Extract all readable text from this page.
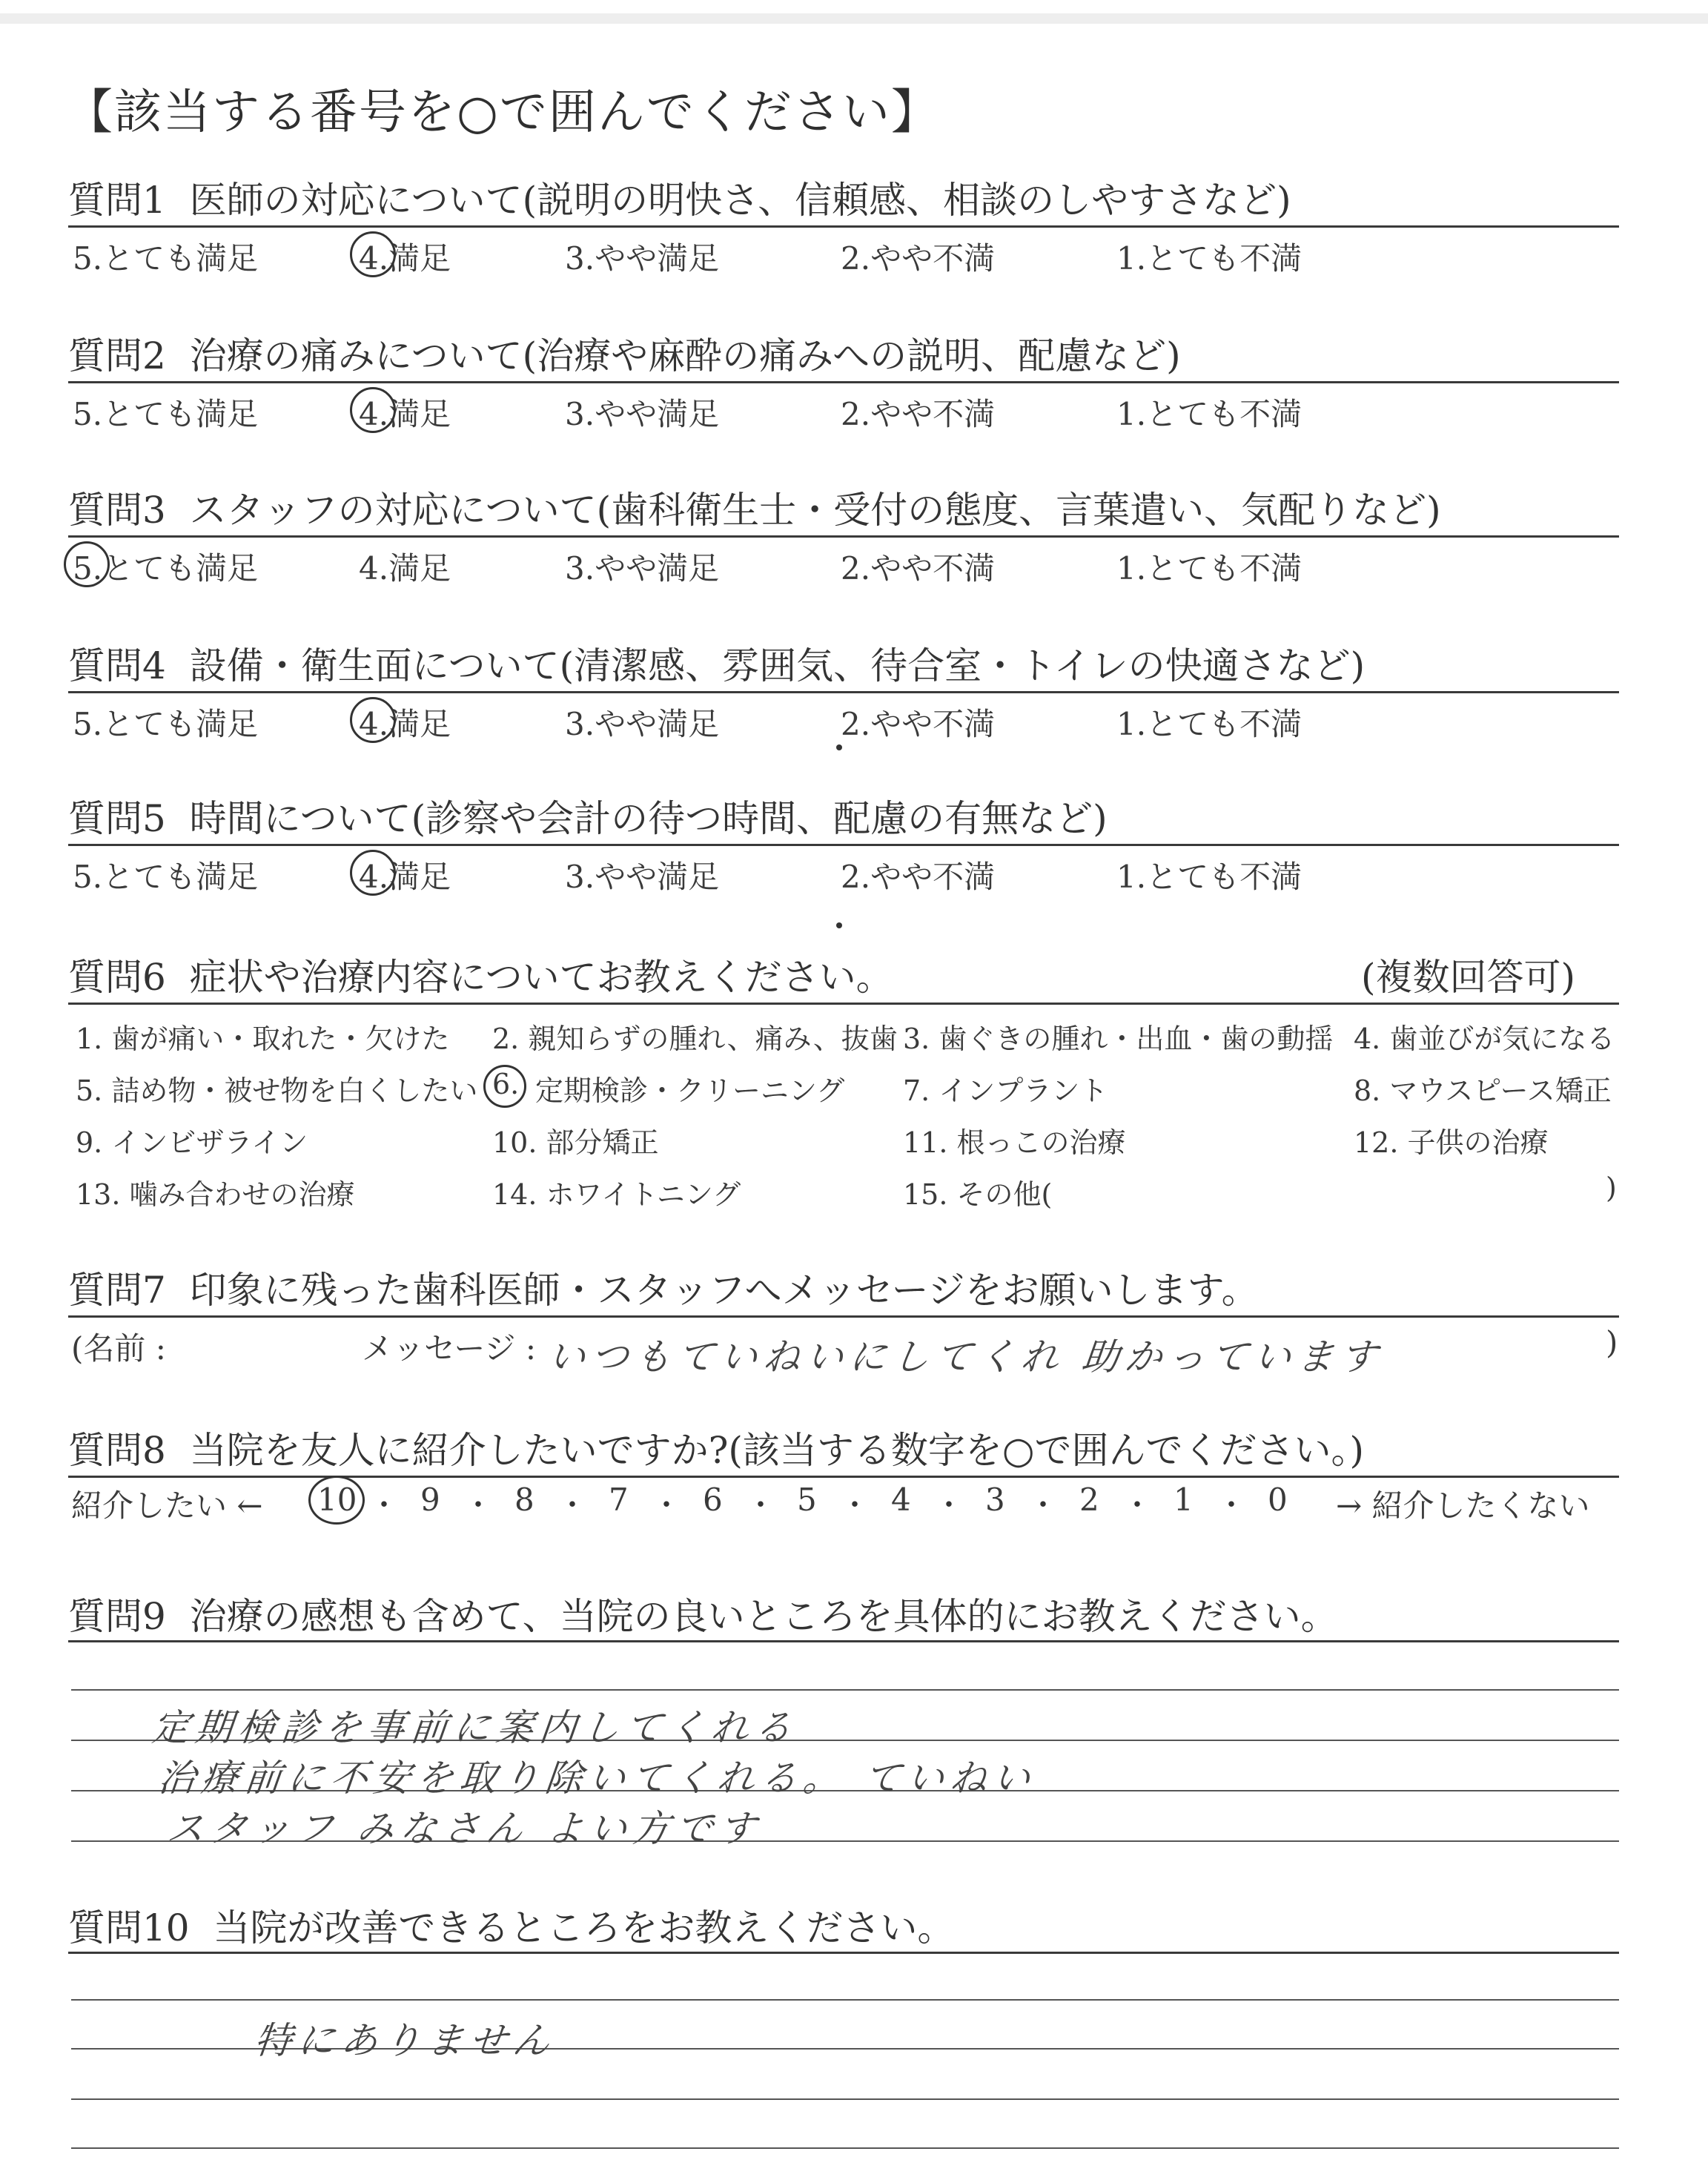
【該当する番号を○で囲んでください】
質問1 医師の対応について(説明の明快さ、信頼感、相談のしやすさなど)
5.とても満足	4.満足	3.やや満足	2.やや不満	1.とても不満
質問2 治療の痛みについて(治療や麻酔の痛みへの説明、配慮など)
5.とても満足	4.満足	3.やや満足	2.やや不満	1.とても不満
質問3 スタッフの対応について(歯科衛生士・受付の態度、言葉遣い、気配りなど)
5.とても満足	4.満足	3.やや満足	2.やや不満	1.とても不満
質問4 設備・衛生面について(清潔感、雰囲気、待合室・トイレの快適さなど)
5.とても満足	4.満足	3.やや満足	2.やや不満	1.とても不満
質問5 時間について(診察や会計の待つ時間、配慮の有無など)
5.とても満足	4.満足	3.やや満足	2.やや不満	1.とても不満
質問6 症状や治療内容についてお教えください。	(複数回答可)
1. 歯が痛い・取れた・欠けた 2. 親知らずの腫れ、痛み、抜歯 3. 歯ぐきの腫れ・出血・歯の動揺 4. 歯並びが気になる
5. 詰め物・被せ物を白くしたい 6. 定期検診・クリーニング 7. インプラント	8. マウスピース矯正
9. インビザライン	10. 部分矯正	11. 根っこの治療	12. 子供の治療
13. 噛み合わせの治療	14. ホワイトニング	15. その他(	)
質問7 印象に残った歯科医師・スタッフへメッセージをお願いします。
(名前 :	メッセージ : いつもていねいにしてくれ 助かっています	)
質問8 当院を友人に紹介したいですか?(該当する数字を○で囲んでください。)
紹介したい ← 10 ・ 9 ・ 8 ・ 7 ・ 6 ・ 5 ・ 4 ・ 3 ・ 2 ・ 1 ・ 0 → 紹介したくない
質問9 治療の感想も含めて、当院の良いところを具体的にお教えください。
定期検診を事前に案内してくれる
治療前に不安を取り除いてくれる。 ていねい
スタッフ みなさん よい方です
質問10 当院が改善できるところをお教えください。
特にありません
